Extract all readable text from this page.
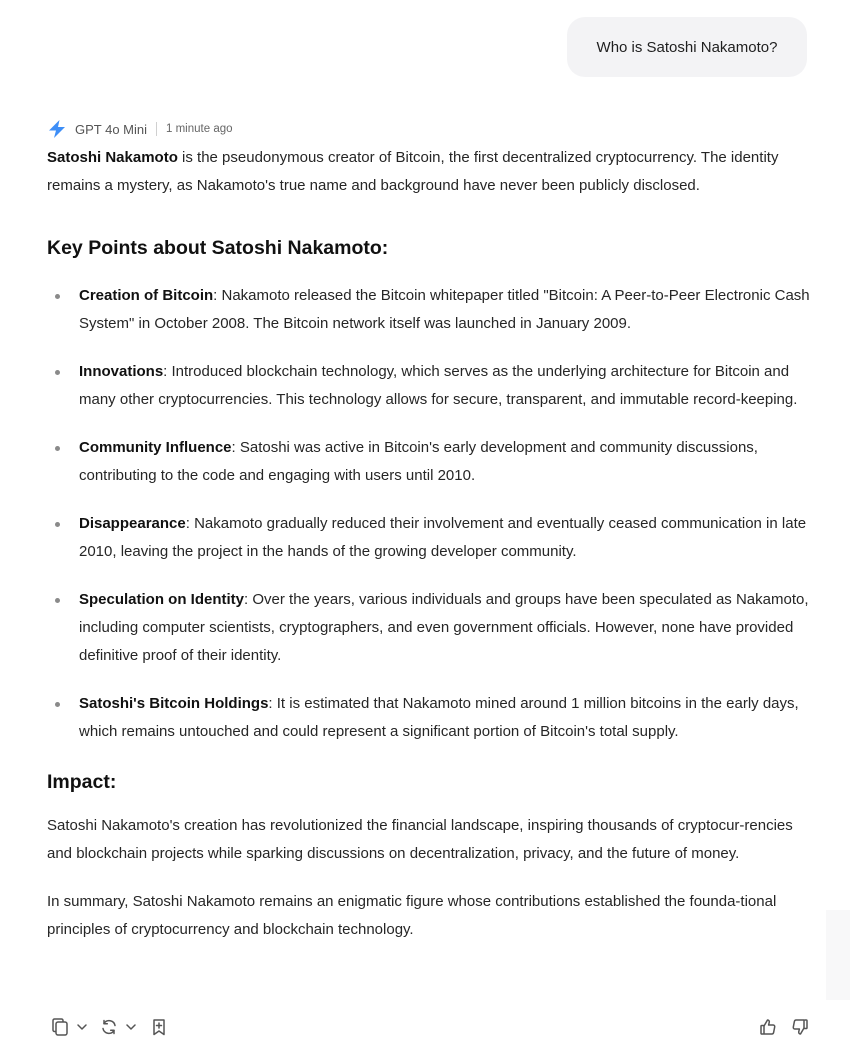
Who is Satoshi Nakamoto?
GPT 4o Mini 1 minute ago

Satoshi Nakamoto is the pseudonymous creator of Bitcoin, the first decentralized cryptocurrency. The identity remains a mystery, as Nakamoto's true name and background have never been publicly disclosed.

Key Points about Satoshi Nakamoto:
Creation of Bitcoin: Nakamoto released the Bitcoin whitepaper titled "Bitcoin: A Peer-to-Peer Electronic Cash System" in October 2008. The Bitcoin network itself was launched in January 2009.
Innovations: Introduced blockchain technology, which serves as the underlying architecture for Bitcoin and many other cryptocurrencies. This technology allows for secure, transparent, and immutable record-keeping.
Community Influence: Satoshi was active in Bitcoin's early development and community discussions, contributing to the code and engaging with users until 2010.
Disappearance: Nakamoto gradually reduced their involvement and eventually ceased communication in late 2010, leaving the project in the hands of the growing developer community.
Speculation on Identity: Over the years, various individuals and groups have been speculated as Nakamoto, including computer scientists, cryptographers, and even government officials. However, none have provided definitive proof of their identity.
Satoshi's Bitcoin Holdings: It is estimated that Nakamoto mined around 1 million bitcoins in the early days, which remains untouched and could represent a significant portion of Bitcoin's total supply.
Impact:

Satoshi Nakamoto's creation has revolutionized the financial landscape, inspiring thousands of cryptocur-rencies and blockchain projects while sparking discussions on decentralization, privacy, and the future of money.

In summary, Satoshi Nakamoto remains an enigmatic figure whose contributions established the founda-tional principles of cryptocurrency and blockchain technology.
